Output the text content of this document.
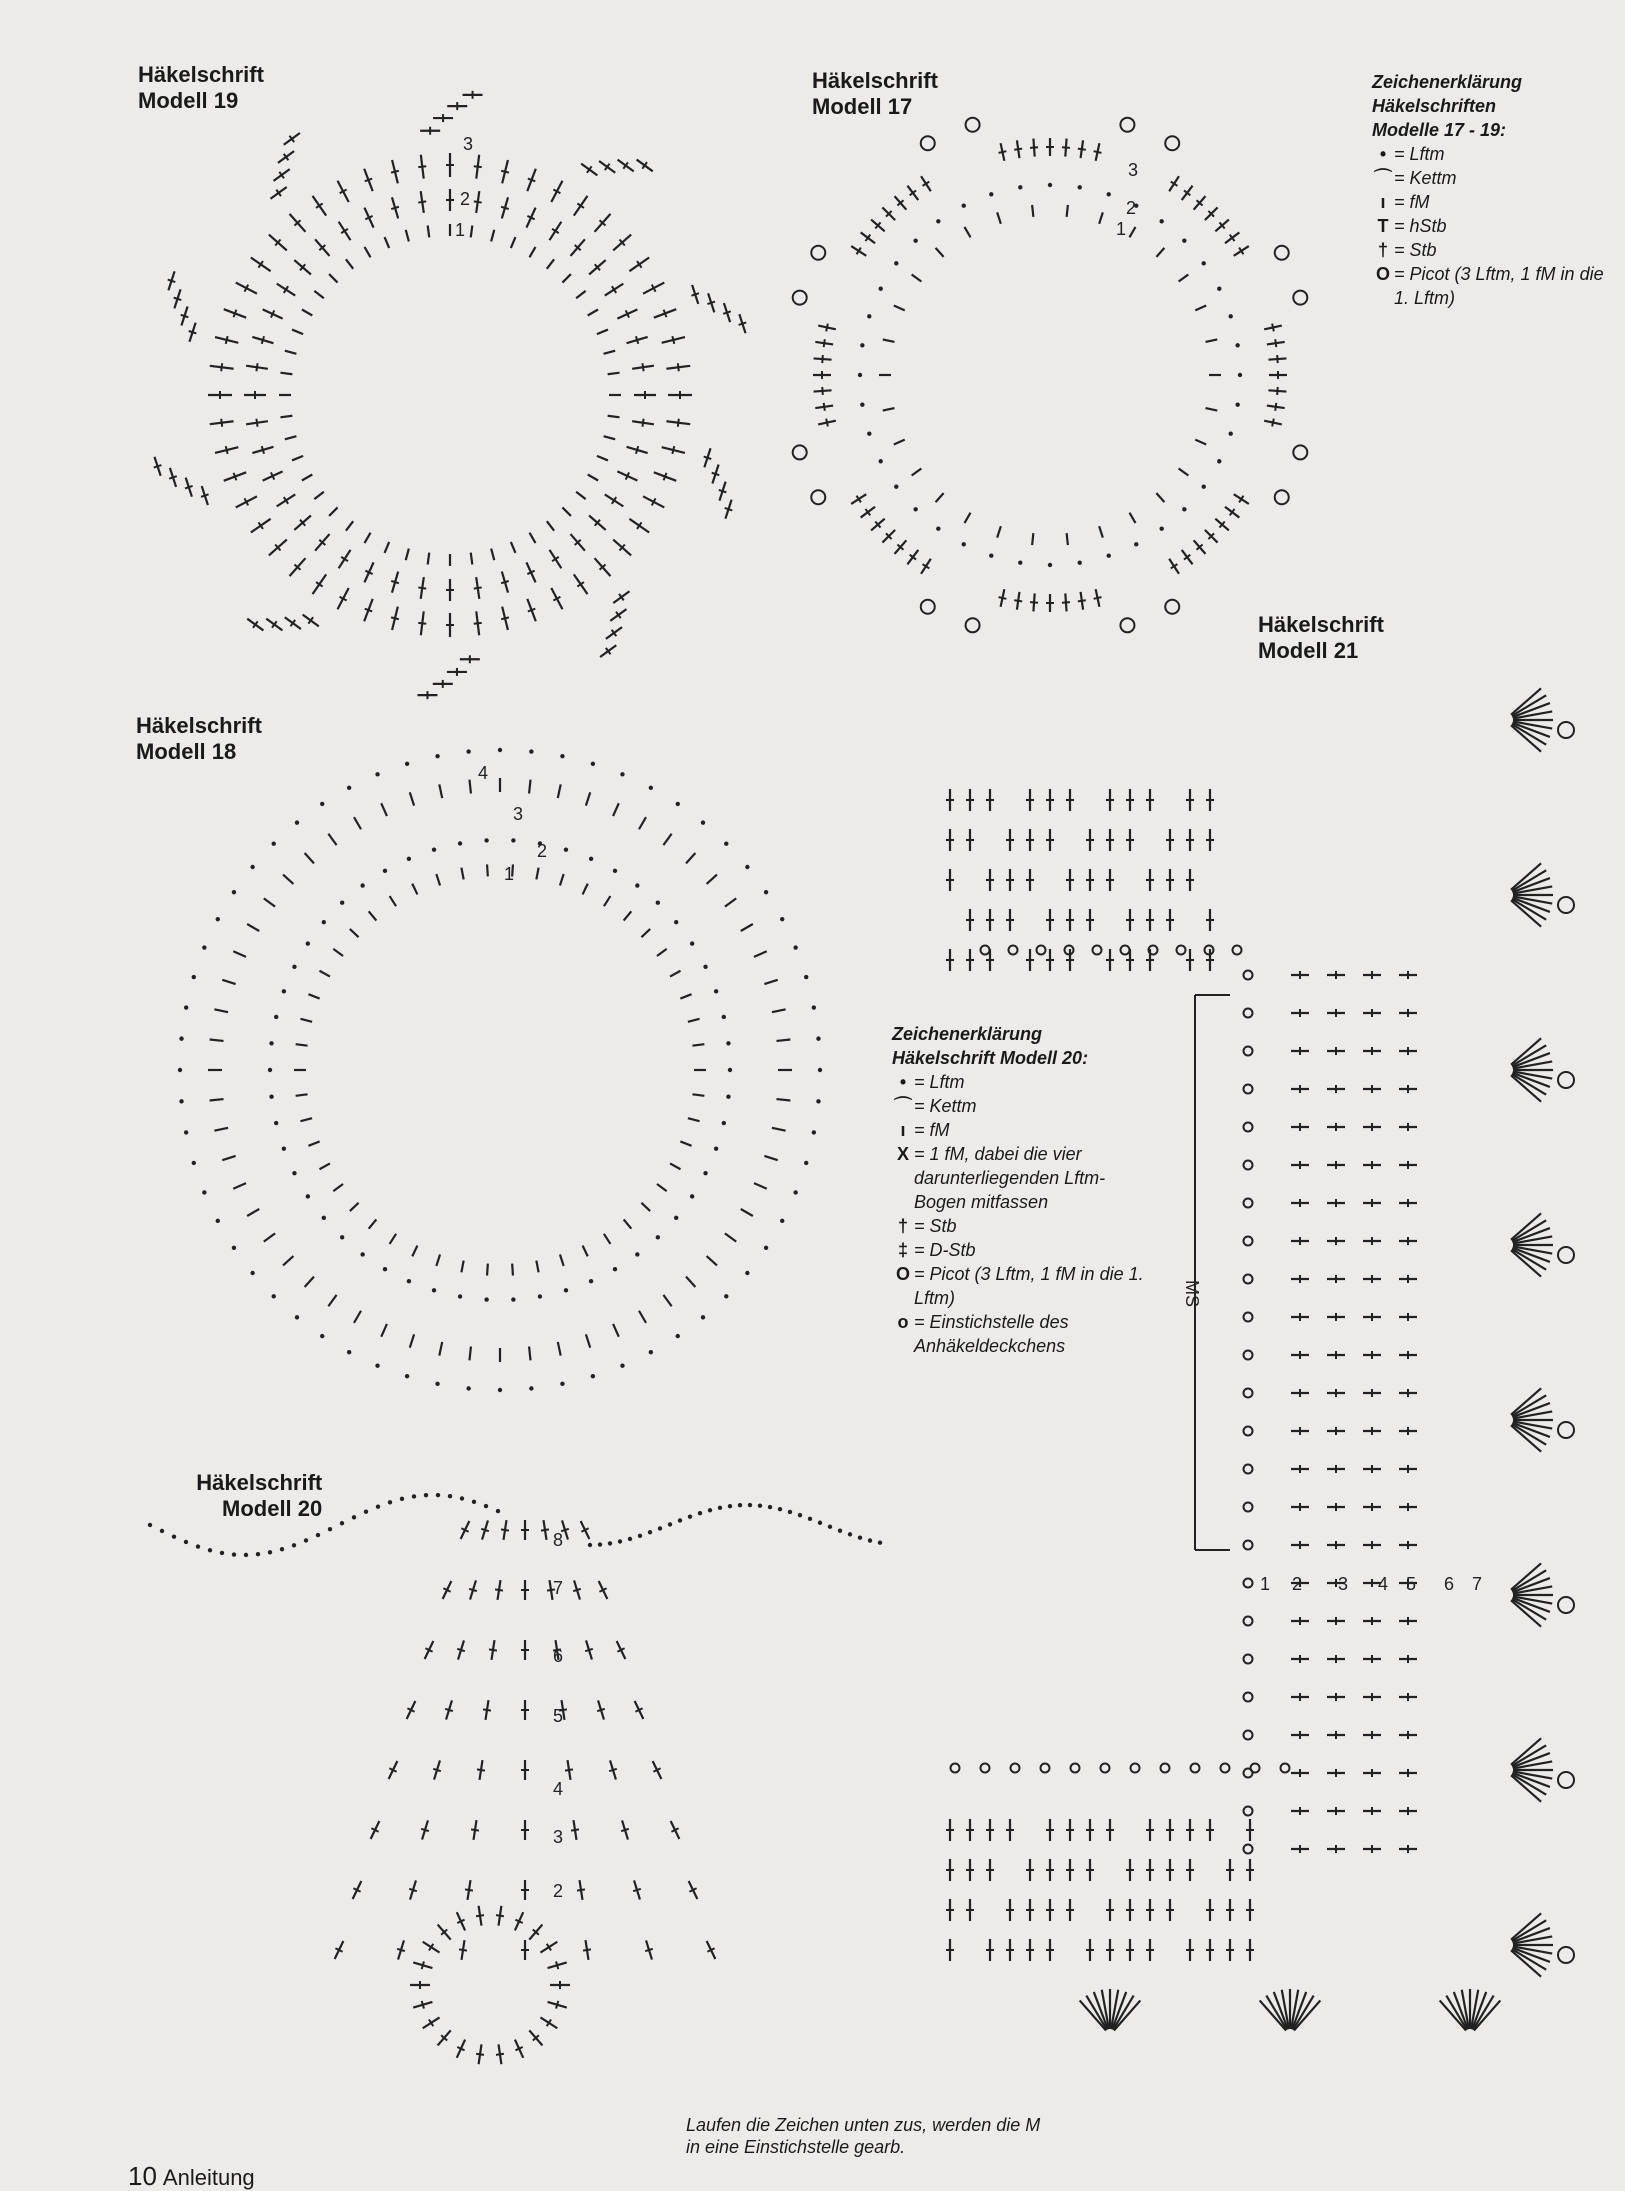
3
2
1
3
2
1
4
3
2
1
8
7
6
5
4
3
2
MS
1 2 3 4 5 6 7
Häkelschrift
Modell 19
Häkelschrift
Modell 17
Häkelschrift
Modell 18
Häkelschrift
Modell 21
Häkelschrift
Modell 20
Zeichenerklärung
Häkelschriften
Modelle 17 - 19:
• = Lftm
⌒ = Kettm
ı = fM
T = hStb
† = Stb
O = Picot (3 Lftm, 1 fM in die 1. Lftm)
Zeichenerklärung
Häkelschrift Modell 20:
• = Lftm
⌒ = Kettm
ı = fM
X = 1 fM, dabei die vier darunterliegenden Lftm-Bogen mitfassen
† = Stb
‡ = D-Stb
O = Picot (3 Lftm, 1 fM in die 1. Lftm)
o = Einstichstelle des Anhäkeldeckchens
Laufen die Zeichen unten zus, werden die M in eine Einstichstelle gearb.
10 Anleitung
